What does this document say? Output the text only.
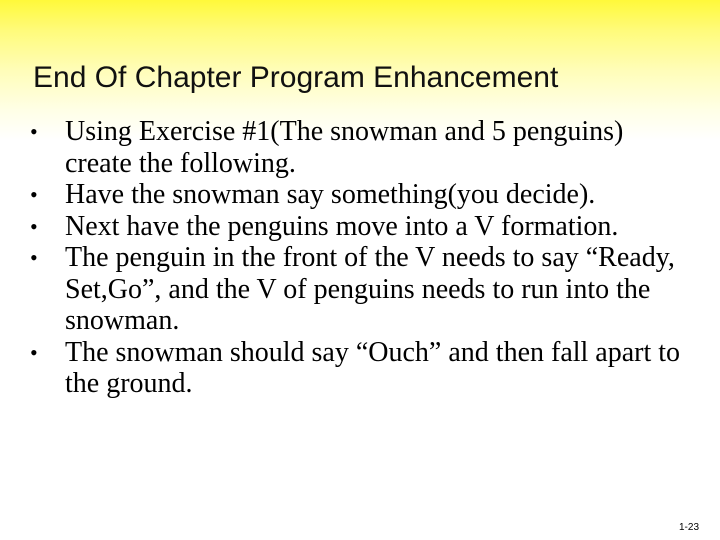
End Of Chapter Program Enhancement
• Using Exercise #1(The snowman and 5 penguins) create the following.
• Have the snowman say something(you decide).
• Next have the penguins move into a V formation.
• The penguin in the front of the V needs to say “Ready, Set,Go”, and the V of penguins needs to run into the snowman.
• The snowman should say “Ouch” and then fall apart to the ground.
1-23
